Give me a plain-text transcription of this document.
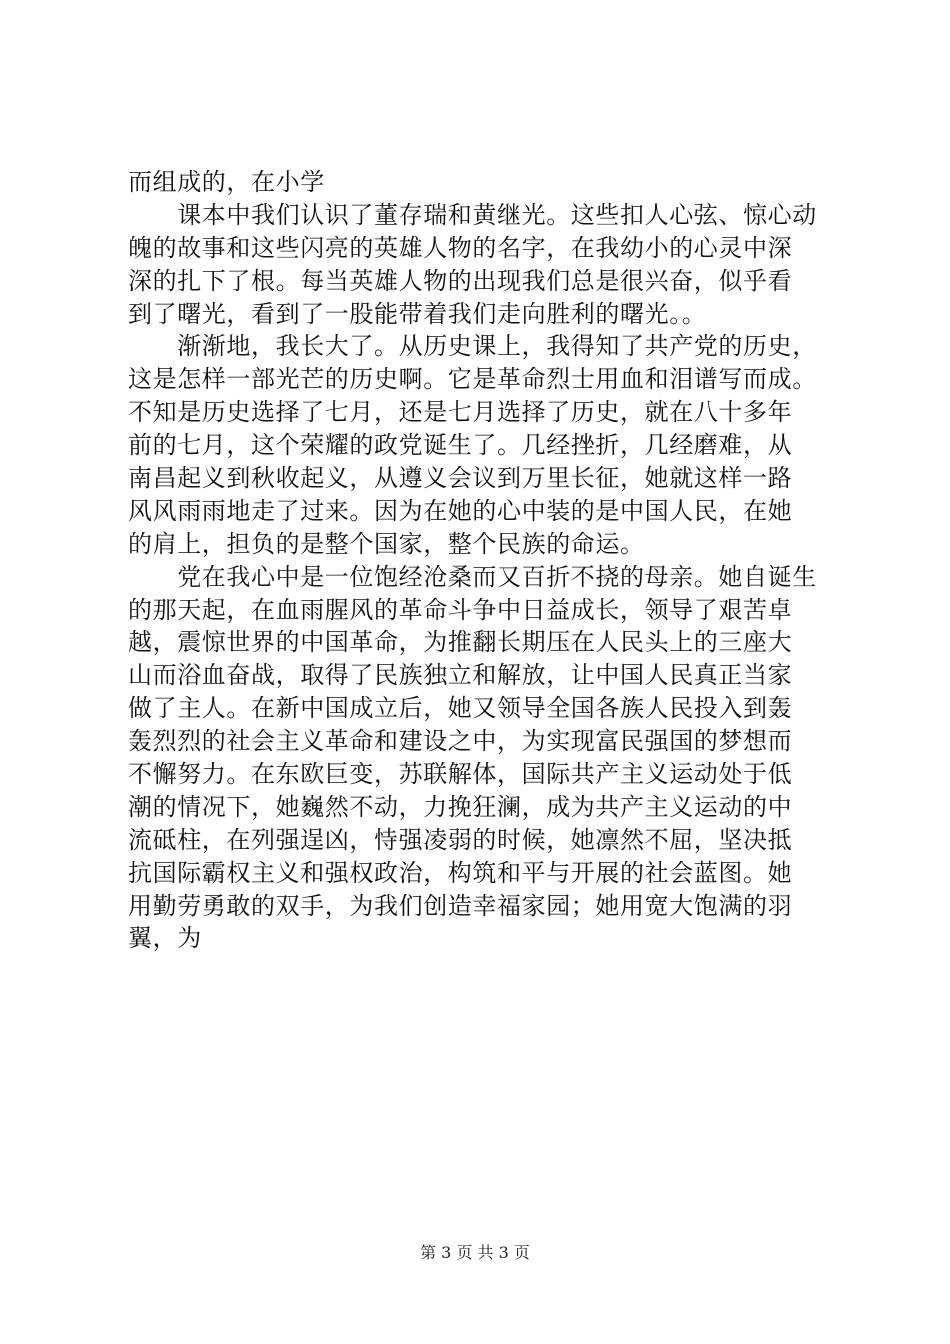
而组成的，在小学
　　课本中我们认识了董存瑞和黄继光。这些扣人心弦、惊心动
魄的故事和这些闪亮的英雄人物的名字，在我幼小的心灵中深
深的扎下了根。每当英雄人物的出现我们总是很兴奋，似乎看
到了曙光，看到了一股能带着我们走向胜利的曙光。。
　　渐渐地，我长大了。从历史课上，我得知了共产党的历史，
这是怎样一部光芒的历史啊。它是革命烈士用血和泪谱写而成。
不知是历史选择了七月，还是七月选择了历史，就在八十多年
前的七月，这个荣耀的政党诞生了。几经挫折，几经磨难，从
南昌起义到秋收起义，从遵义会议到万里长征，她就这样一路
风风雨雨地走了过来。因为在她的心中装的是中国人民，在她
的肩上，担负的是整个国家，整个民族的命运。
　　党在我心中是一位饱经沧桑而又百折不挠的母亲。她自诞生
的那天起，在血雨腥风的革命斗争中日益成长，领导了艰苦卓
越，震惊世界的中国革命，为推翻长期压在人民头上的三座大
山而浴血奋战，取得了民族独立和解放，让中国人民真正当家
做了主人。在新中国成立后，她又领导全国各族人民投入到轰
轰烈烈的社会主义革命和建设之中，为实现富民强国的梦想而
不懈努力。在东欧巨变，苏联解体，国际共产主义运动处于低
潮的情况下，她巍然不动，力挽狂澜，成为共产主义运动的中
流砥柱，在列强逞凶，恃强凌弱的时候，她凛然不屈，坚决抵
抗国际霸权主义和强权政治，构筑和平与开展的社会蓝图。她
用勤劳勇敢的双手，为我们创造幸福家园；她用宽大饱满的羽
翼，为
第 3 页 共 3 页
